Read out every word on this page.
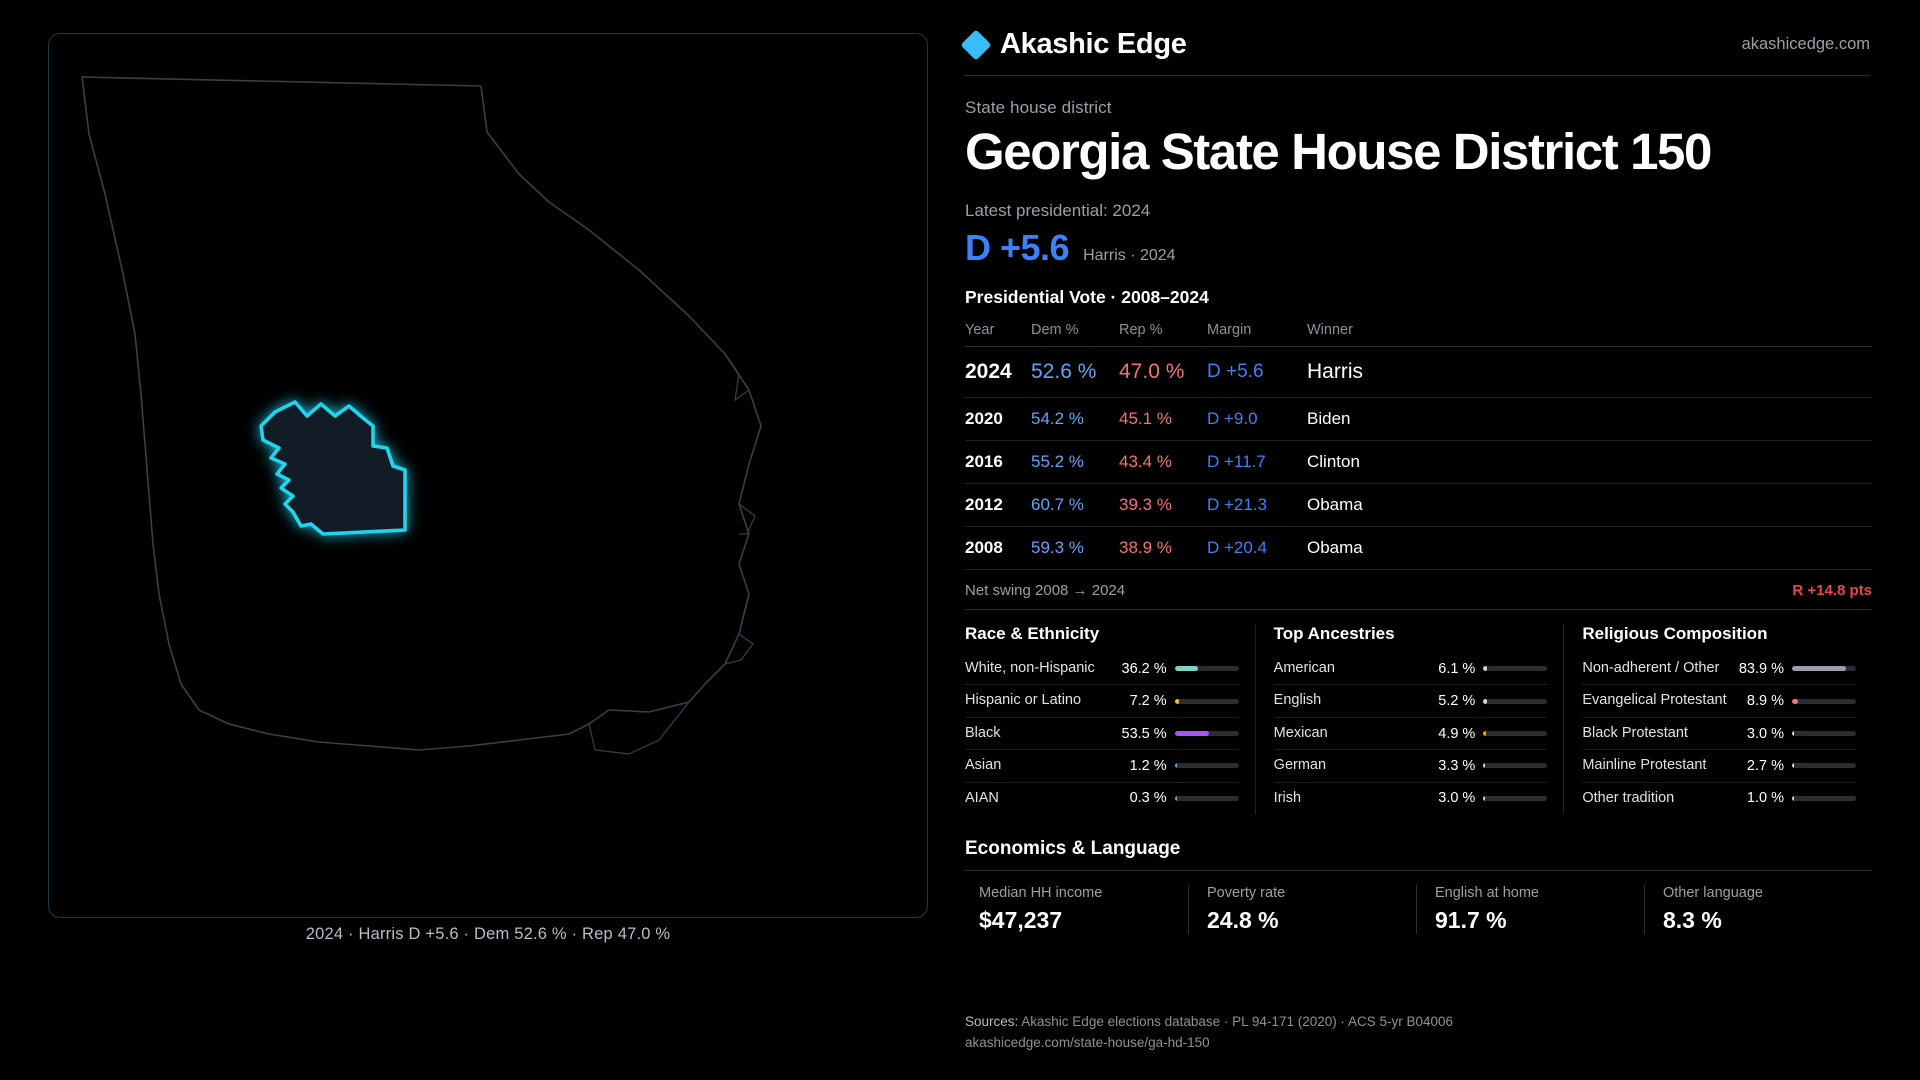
2024 · Harris D +5.6 · Dem 52.6 % · Rep 47.0 %
Akashic Edge	akashicedge.com
State house district
Georgia State House District 150
Latest presidential: 2024
D +5.6 Harris · 2024
Presidential Vote · 2008–2024
Year	Dem %	Rep %	Margin	Winner
2024	52.6 %	47.0 %	D +5.6	Harris
2020	54.2 %	45.1 %	D +9.0	Biden
2016	55.2 %	43.4 %	D +11.7	Clinton
2012	60.7 %	39.3 %	D +21.3	Obama
2008	59.3 %	38.9 %	D +20.4	Obama
Net swing 2008 → 2024	R +14.8 pts
Race & Ethnicity
White, non-Hispanic	36.2 %
Hispanic or Latino	7.2 %
Black	53.5 %
Asian	1.2 %
AIAN	0.3 %
Top Ancestries
American	6.1 %
English	5.2 %
Mexican	4.9 %
German	3.3 %
Irish	3.0 %
Religious Composition
Non-adherent / Other	83.9 %
Evangelical Protestant	8.9 %
Black Protestant	3.0 %
Mainline Protestant	2.7 %
Other tradition	1.0 %
Economics & Language
Median HH income
$47,237
Poverty rate
24.8 %
English at home
91.7 %
Other language
8.3 %
Sources: Akashic Edge elections database · PL 94-171 (2020) · ACS 5-yr B04006
akashicedge.com/state-house/ga-hd-150
